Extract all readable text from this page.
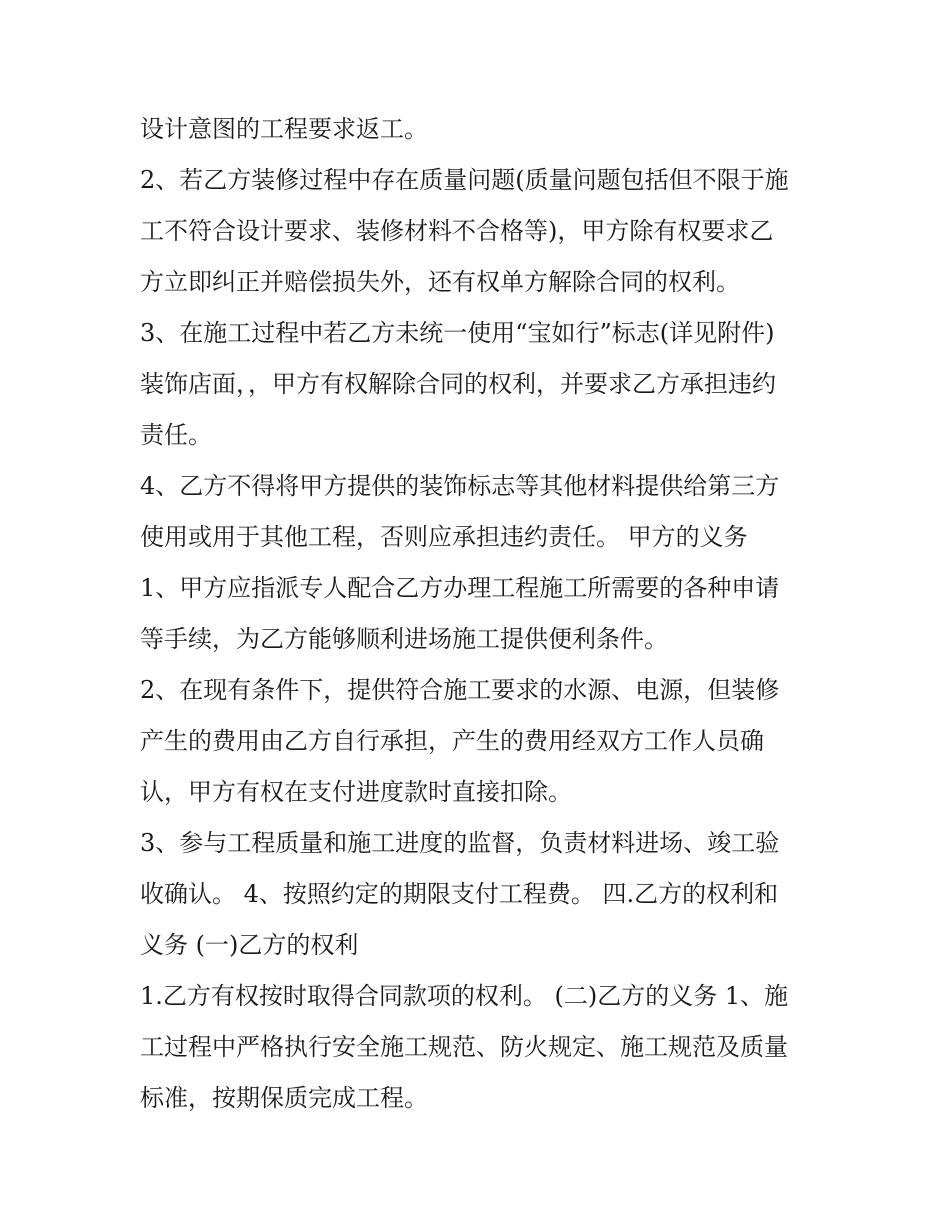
设计意图的工程要求返工。
2、若乙方装修过程中存在质量问题(质量问题包括但不限于施
工不符合设计要求、装修材料不合格等)，甲方除有权要求乙
方立即纠正并赔偿损失外，还有权单方解除合同的权利。
3、在施工过程中若乙方未统一使用“宝如行”标志(详见附件)
装饰店面，，甲方有权解除合同的权利，并要求乙方承担违约
责任。
4、乙方不得将甲方提供的装饰标志等其他材料提供给第三方
使用或用于其他工程，否则应承担违约责任。 甲方的义务
1、甲方应指派专人配合乙方办理工程施工所需要的各种申请
等手续，为乙方能够顺利进场施工提供便利条件。
2、在现有条件下，提供符合施工要求的水源、电源，但装修
产生的费用由乙方自行承担，产生的费用经双方工作人员确
认，甲方有权在支付进度款时直接扣除。
3、参与工程质量和施工进度的监督，负责材料进场、竣工验
收确认。 4、按照约定的期限支付工程费。 四.乙方的权利和
义务 (一)乙方的权利
1.乙方有权按时取得合同款项的权利。 (二)乙方的义务 1、施
工过程中严格执行安全施工规范、防火规定、施工规范及质量
标准，按期保质完成工程。
